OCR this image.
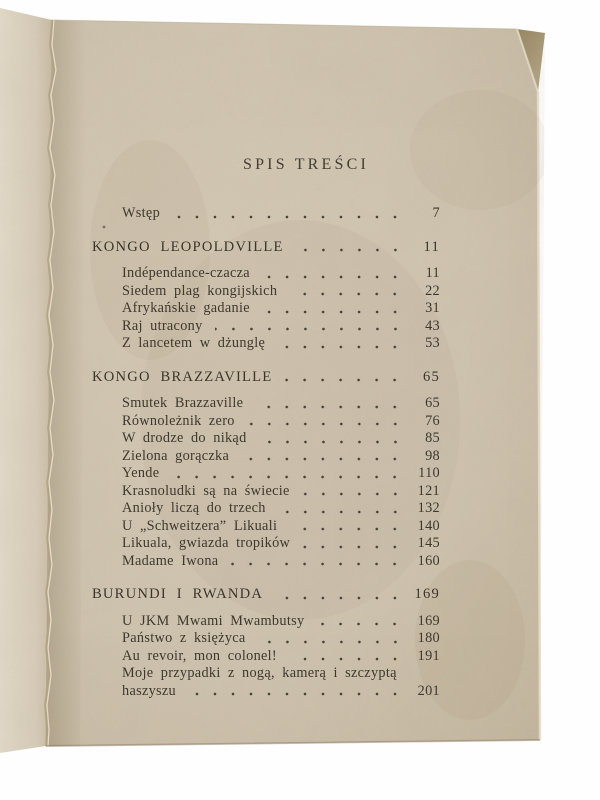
SPIS TREŚCI
Wstęp	7
KONGO LEOPOLDVILLE	11
Indépendance-czacza	11
Siedem plag kongijskich	22
Afrykańskie gadanie	31
Raj utracony	43
Z lancetem w dżunglę	53
KONGO BRAZZAVILLE	65
Smutek Brazzaville	65
Równoleżnik zero	76
W drodze do nikąd	85
Zielona gorączka	98
Yende	110
Krasnoludki są na świecie	121
Anioły liczą do trzech	132
U „Schweitzera” Likuali	140
Likuala, gwiazda tropików	145
Madame Iwona	160
BURUNDI I RWANDA	169
U JKM Mwami Mwambutsy	169
Państwo z księżyca	180
Au revoir, mon colonel!	191
Moje przypadki z nogą, kamerą i szczyptą
haszyszu	201
